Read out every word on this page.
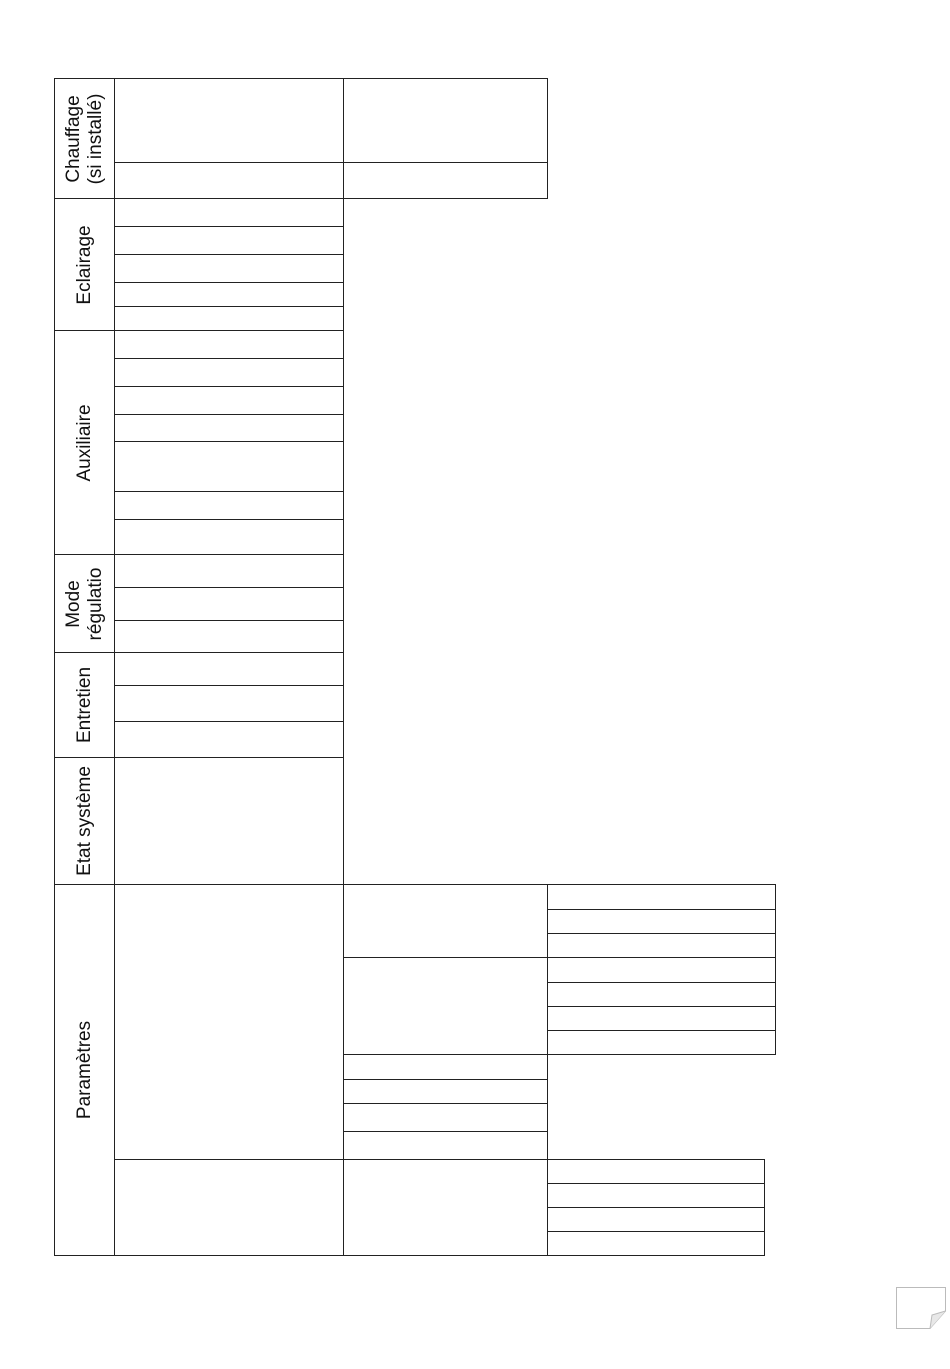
Chauffage (si installé)
Eclairage
Auxiliaire
Mode régulatio
Entretien
Etat système
Paramètres
